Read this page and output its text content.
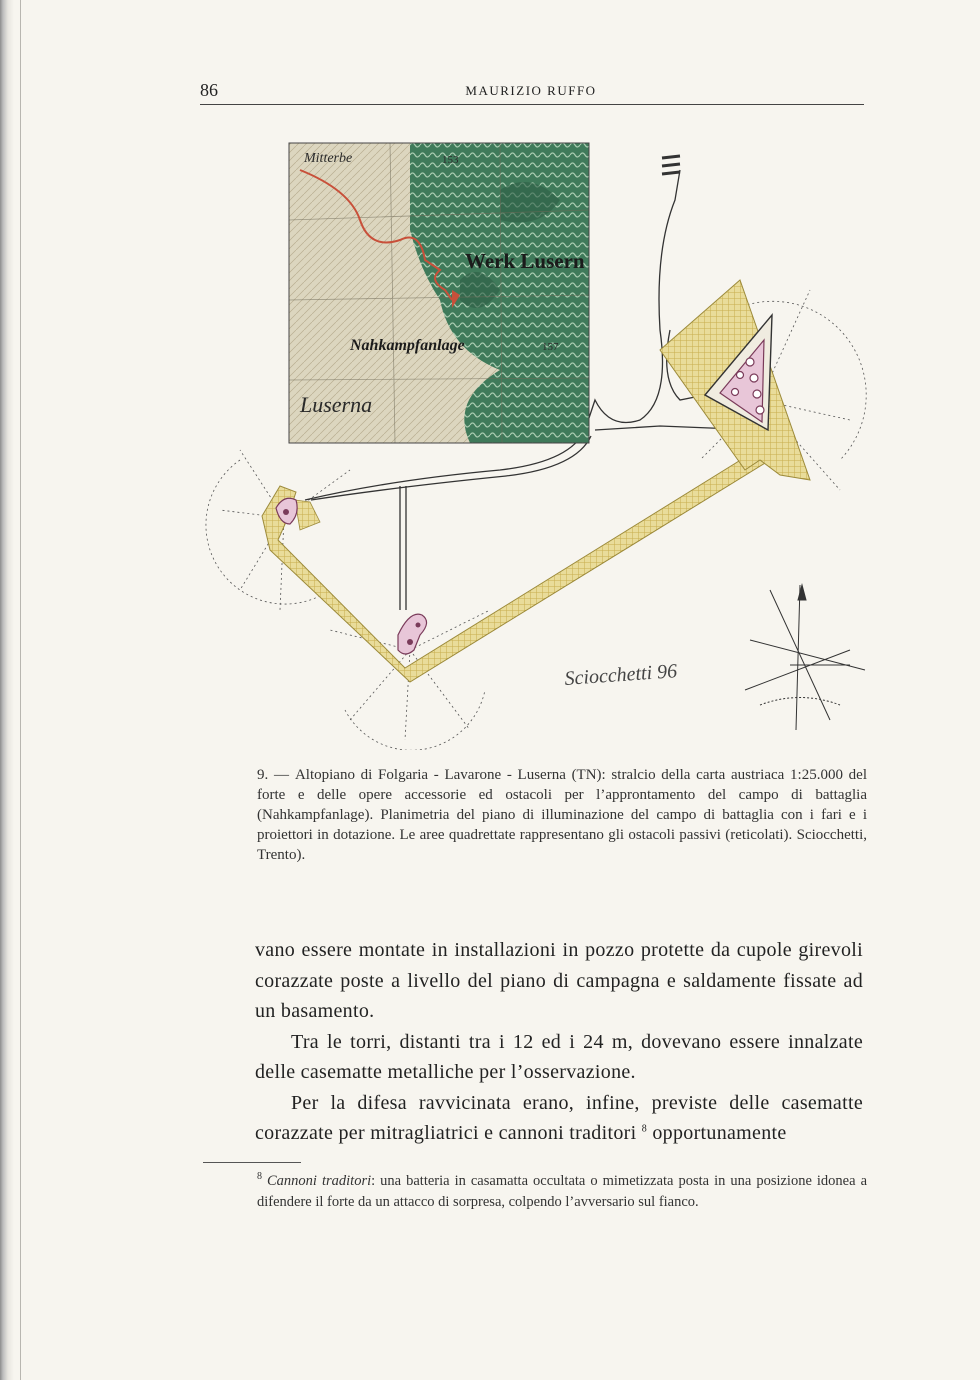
86	MAURIZIO RUFFO
Werk Lusern
Nahkampfanlage
Luserna
Mitterbe	153
157
Sciocchetti 96
9. — Altopiano di Folgaria - Lavarone - Luserna (TN): stralcio della carta austriaca 1:25.000 del forte e delle opere accessorie ed ostacoli per l’approntamento del campo di battaglia (Nahkampfanlage). Planimetria del piano di illuminazione del campo di battaglia con i fari e i proiettori in dotazione. Le aree quadrettate rappresentano gli ostacoli passivi (reticolati). Sciocchetti, Trento).

vano essere montate in installazioni in pozzo protette da cupole girevoli corazzate poste a livello del piano di campagna e saldamente fissate ad un basamento.

Tra le torri, distanti tra i 12 ed i 24 m, dovevano essere innalzate delle casematte metalliche per l’osservazione.

Per la difesa ravvicinata erano, infine, previste delle casematte corazzate per mitragliatrici e cannoni traditori $^8$ opportunamente

$^8$ Cannoni traditori: una batteria in casamatta occultata o mimetizzata posta in una posizione idonea a difendere il forte da un attacco di sorpresa, colpendo l’avversario sul fianco.
